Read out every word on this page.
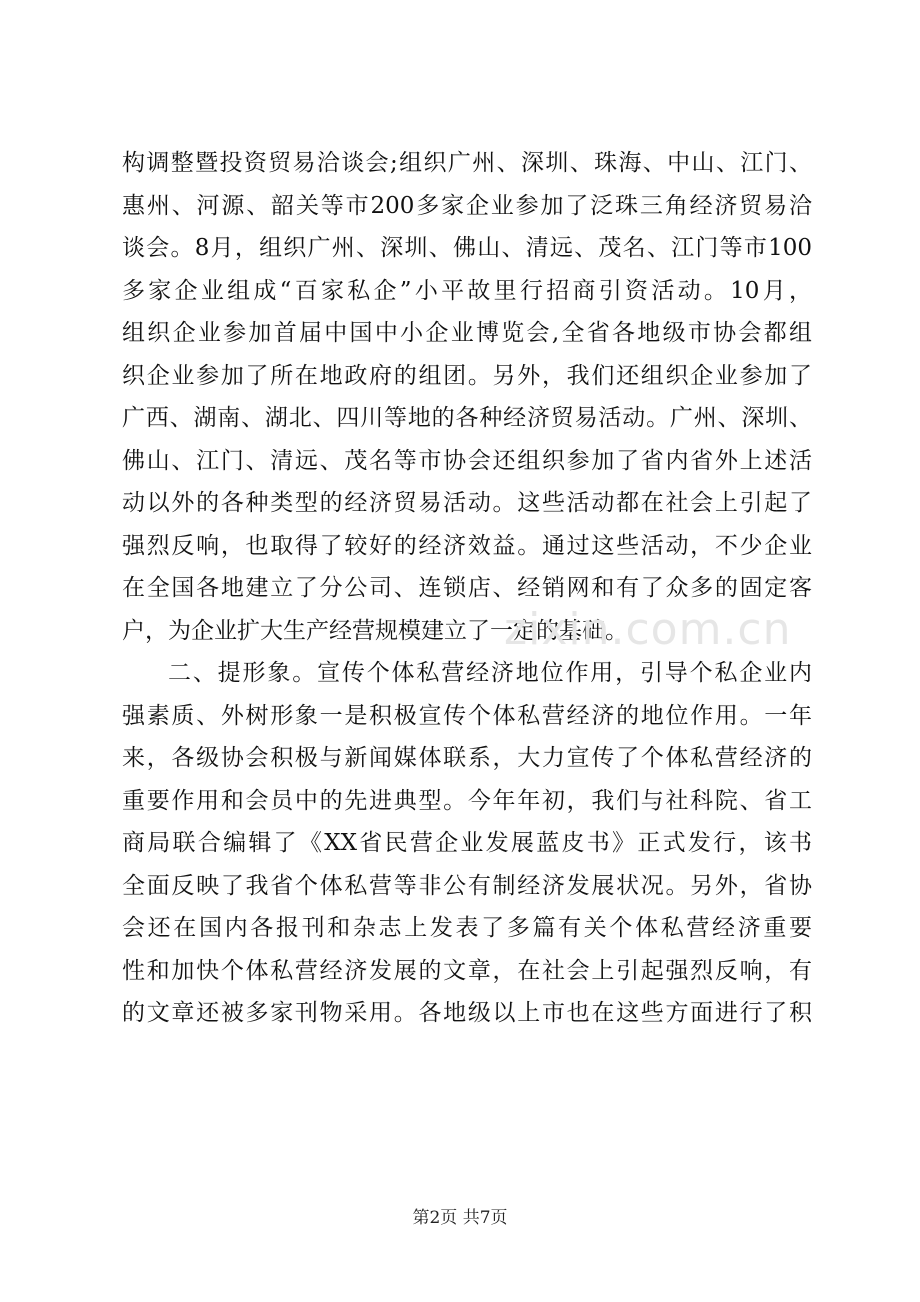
构调整暨投资贸易洽谈会;组织广州、深圳、珠海、中山、江门、
惠州、河源、韶关等市200多家企业参加了泛珠三角经济贸易洽
谈会。8月，组织广州、深圳、佛山、清远、茂名、江门等市100
多家企业组成“百家私企”小平故里行招商引资活动。10月，
组织企业参加首届中国中小企业博览会,全省各地级市协会都组
织企业参加了所在地政府的组团。另外，我们还组织企业参加了
广西、湖南、湖北、四川等地的各种经济贸易活动。广州、深圳、
佛山、江门、清远、茂名等市协会还组织参加了省内省外上述活
动以外的各种类型的经济贸易活动。这些活动都在社会上引起了
强烈反响，也取得了较好的经济效益。通过这些活动，不少企业
在全国各地建立了分公司、连锁店、经销网和有了众多的固定客
户，为企业扩大生产经营规模建立了一定的基础。
二、提形象。宣传个体私营经济地位作用，引导个私企业内
强素质、外树形象一是积极宣传个体私营经济的地位作用。一年
来，各级协会积极与新闻媒体联系，大力宣传了个体私营经济的
重要作用和会员中的先进典型。今年年初，我们与社科院、省工
商局联合编辑了《XX省民营企业发展蓝皮书》正式发行，该书
全面反映了我省个体私营等非公有制经济发展状况。另外，省协
会还在国内各报刊和杂志上发表了多篇有关个体私营经济重要
性和加快个体私营经济发展的文章，在社会上引起强烈反响，有
的文章还被多家刊物采用。各地级以上市也在这些方面进行了积
zixin.com.cn
第2页 共7页
